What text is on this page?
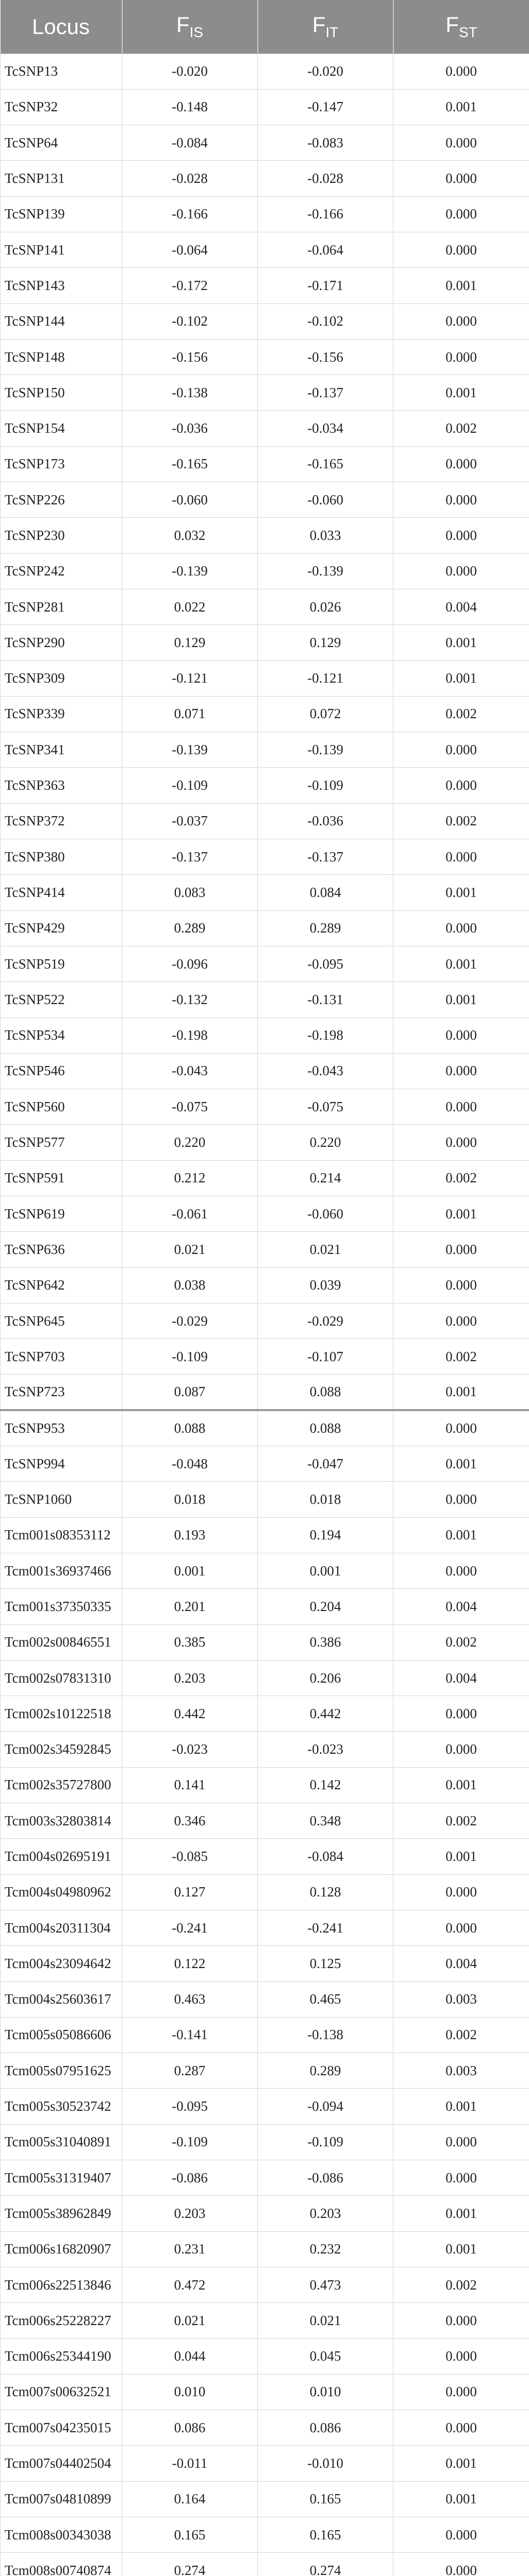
Locus	$F_{IS}$	$F_{IT}$	$F_{ST}$
TcSNP13	-0.020	-0.020	0.000
TcSNP32	-0.148	-0.147	0.001
TcSNP64	-0.084	-0.083	0.000
TcSNP131	-0.028	-0.028	0.000
TcSNP139	-0.166	-0.166	0.000
TcSNP141	-0.064	-0.064	0.000
TcSNP143	-0.172	-0.171	0.001
TcSNP144	-0.102	-0.102	0.000
TcSNP148	-0.156	-0.156	0.000
TcSNP150	-0.138	-0.137	0.001
TcSNP154	-0.036	-0.034	0.002
TcSNP173	-0.165	-0.165	0.000
TcSNP226	-0.060	-0.060	0.000
TcSNP230	0.032	0.033	0.000
TcSNP242	-0.139	-0.139	0.000
TcSNP281	0.022	0.026	0.004
TcSNP290	0.129	0.129	0.001
TcSNP309	-0.121	-0.121	0.001
TcSNP339	0.071	0.072	0.002
TcSNP341	-0.139	-0.139	0.000
TcSNP363	-0.109	-0.109	0.000
TcSNP372	-0.037	-0.036	0.002
TcSNP380	-0.137	-0.137	0.000
TcSNP414	0.083	0.084	0.001
TcSNP429	0.289	0.289	0.000
TcSNP519	-0.096	-0.095	0.001
TcSNP522	-0.132	-0.131	0.001
TcSNP534	-0.198	-0.198	0.000
TcSNP546	-0.043	-0.043	0.000
TcSNP560	-0.075	-0.075	0.000
TcSNP577	0.220	0.220	0.000
TcSNP591	0.212	0.214	0.002
TcSNP619	-0.061	-0.060	0.001
TcSNP636	0.021	0.021	0.000
TcSNP642	0.038	0.039	0.000
TcSNP645	-0.029	-0.029	0.000
TcSNP703	-0.109	-0.107	0.002
TcSNP723	0.087	0.088	0.001
TcSNP953	0.088	0.088	0.000
TcSNP994	-0.048	-0.047	0.001
TcSNP1060	0.018	0.018	0.000
Tcm001s08353112	0.193	0.194	0.001
Tcm001s36937466	0.001	0.001	0.000
Tcm001s37350335	0.201	0.204	0.004
Tcm002s00846551	0.385	0.386	0.002
Tcm002s07831310	0.203	0.206	0.004
Tcm002s10122518	0.442	0.442	0.000
Tcm002s34592845	-0.023	-0.023	0.000
Tcm002s35727800	0.141	0.142	0.001
Tcm003s32803814	0.346	0.348	0.002
Tcm004s02695191	-0.085	-0.084	0.001
Tcm004s04980962	0.127	0.128	0.000
Tcm004s20311304	-0.241	-0.241	0.000
Tcm004s23094642	0.122	0.125	0.004
Tcm004s25603617	0.463	0.465	0.003
Tcm005s05086606	-0.141	-0.138	0.002
Tcm005s07951625	0.287	0.289	0.003
Tcm005s30523742	-0.095	-0.094	0.001
Tcm005s31040891	-0.109	-0.109	0.000
Tcm005s31319407	-0.086	-0.086	0.000
Tcm005s38962849	0.203	0.203	0.001
Tcm006s16820907	0.231	0.232	0.001
Tcm006s22513846	0.472	0.473	0.002
Tcm006s25228227	0.021	0.021	0.000
Tcm006s25344190	0.044	0.045	0.000
Tcm007s00632521	0.010	0.010	0.000
Tcm007s04235015	0.086	0.086	0.000
Tcm007s04402504	-0.011	-0.010	0.001
Tcm007s04810899	0.164	0.165	0.001
Tcm008s00343038	0.165	0.165	0.000
Tcm008s00740874	0.274	0.274	0.000
